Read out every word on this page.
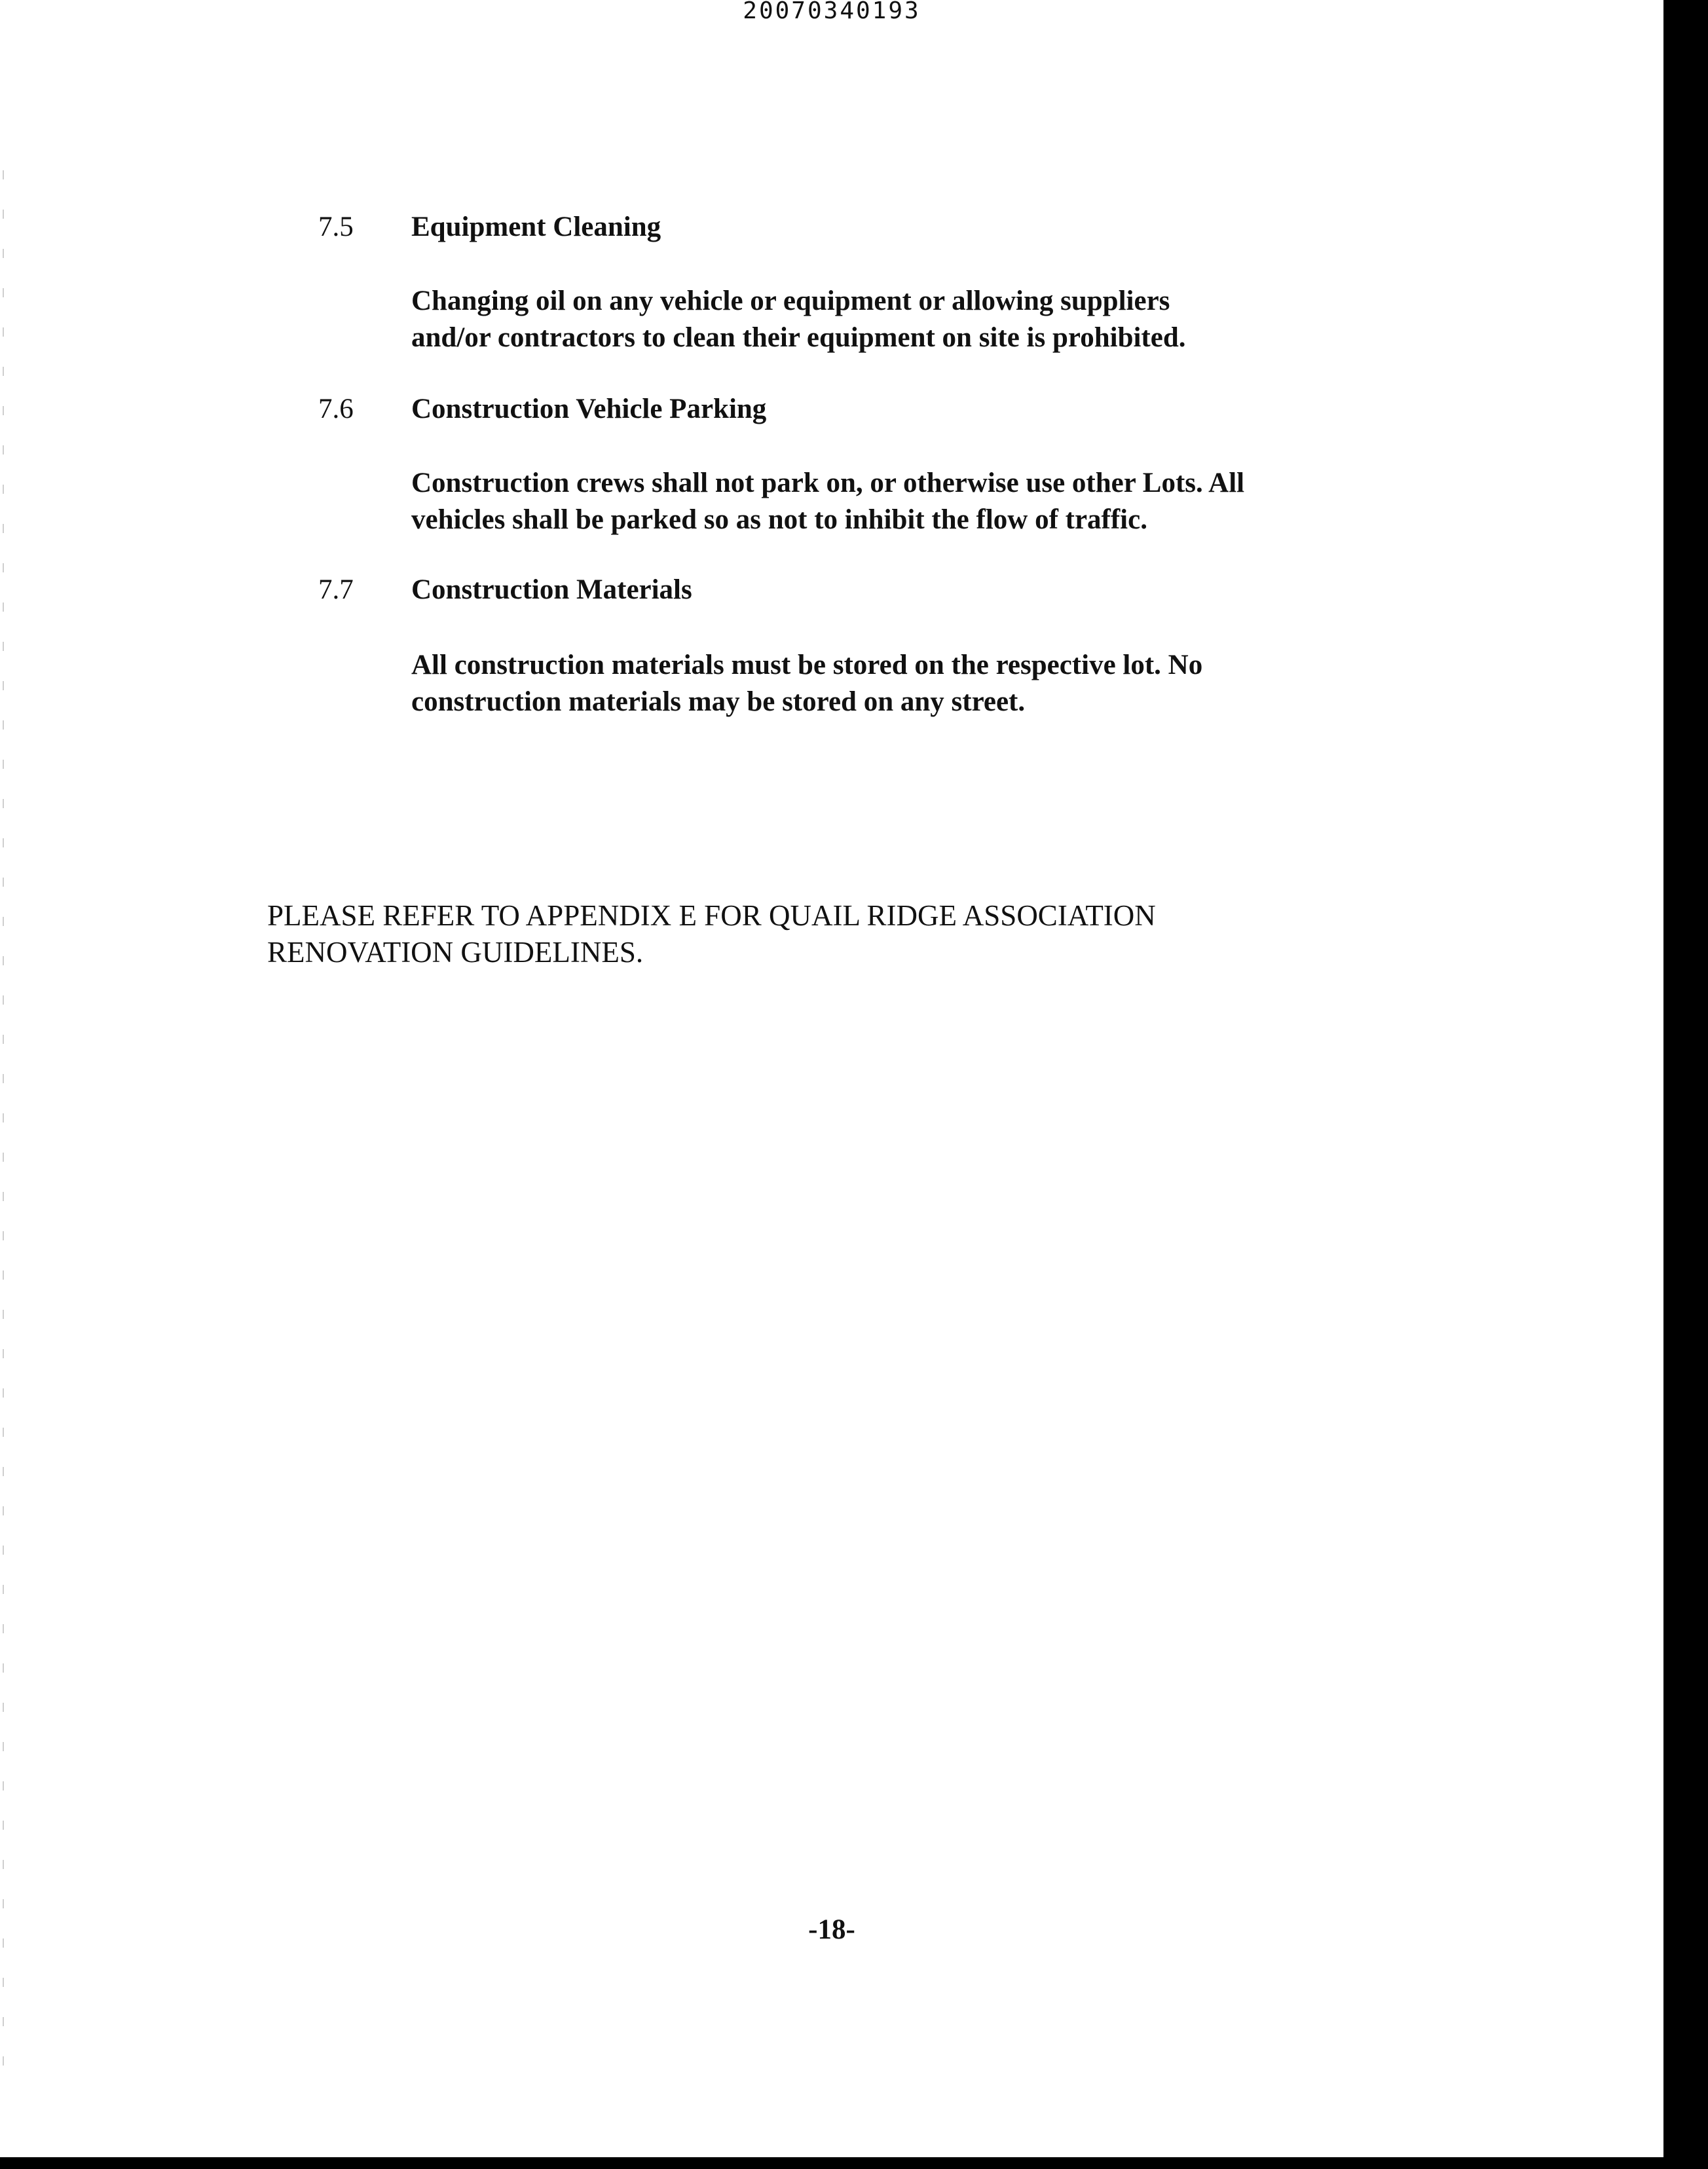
20070340193
7.5 Equipment Cleaning

Changing oil on any vehicle or equipment or allowing suppliers
and/or contractors to clean their equipment on site is prohibited.

7.6 Construction Vehicle Parking

Construction crews shall not park on, or otherwise use other Lots. All
vehicles shall be parked so as not to inhibit the flow of traffic.

7.7 Construction Materials

All construction materials must be stored on the respective lot. No
construction materials may be stored on any street.

PLEASE REFER TO APPENDIX E FOR QUAIL RIDGE ASSOCIATION
RENOVATION GUIDELINES.

-18-
